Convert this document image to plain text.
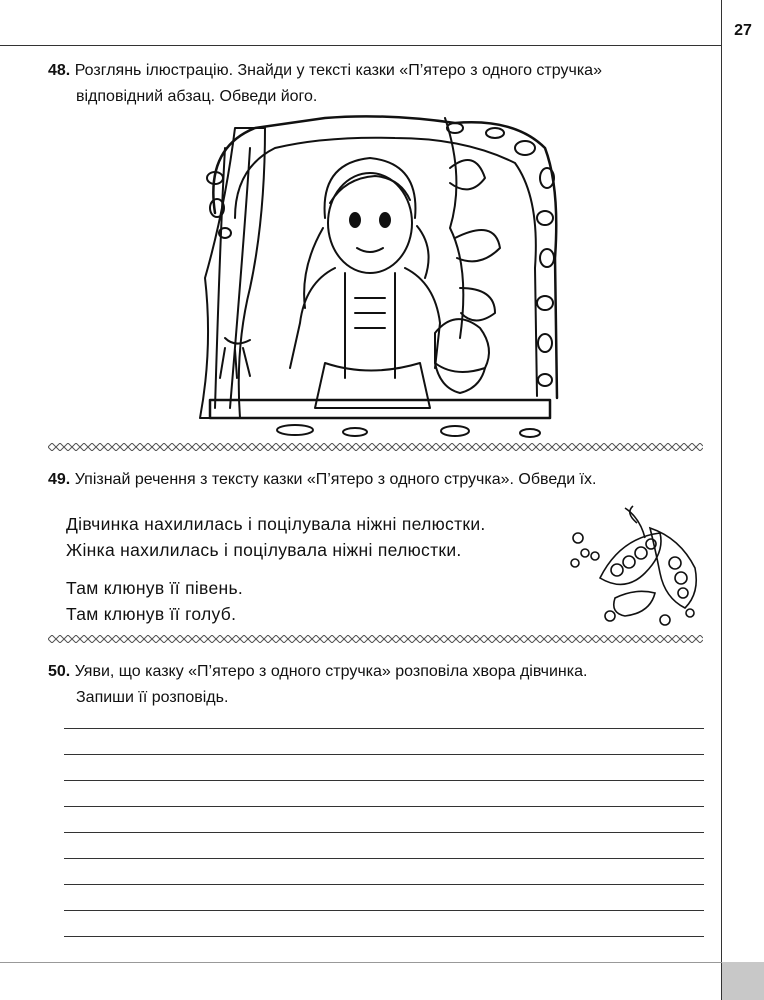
27
48. Розглянь ілюстрацію. Знайди у тексті казки «П’ятеро з одного стручка»
відповідний абзац. Обведи його.
49. Упізнай речення з тексту казки «П’ятеро з одного стручка». Обведи їх.
Дівчинка нахилилась і поцілувала ніжні пелюстки.
Жінка нахилилась і поцілувала ніжні пелюстки.
Там клюнув її півень.
Там клюнув її голуб.
50. Уяви, що казку «П’ятеро з одного стручка» розповіла хвора дівчинка.
Запиши її розповідь.
